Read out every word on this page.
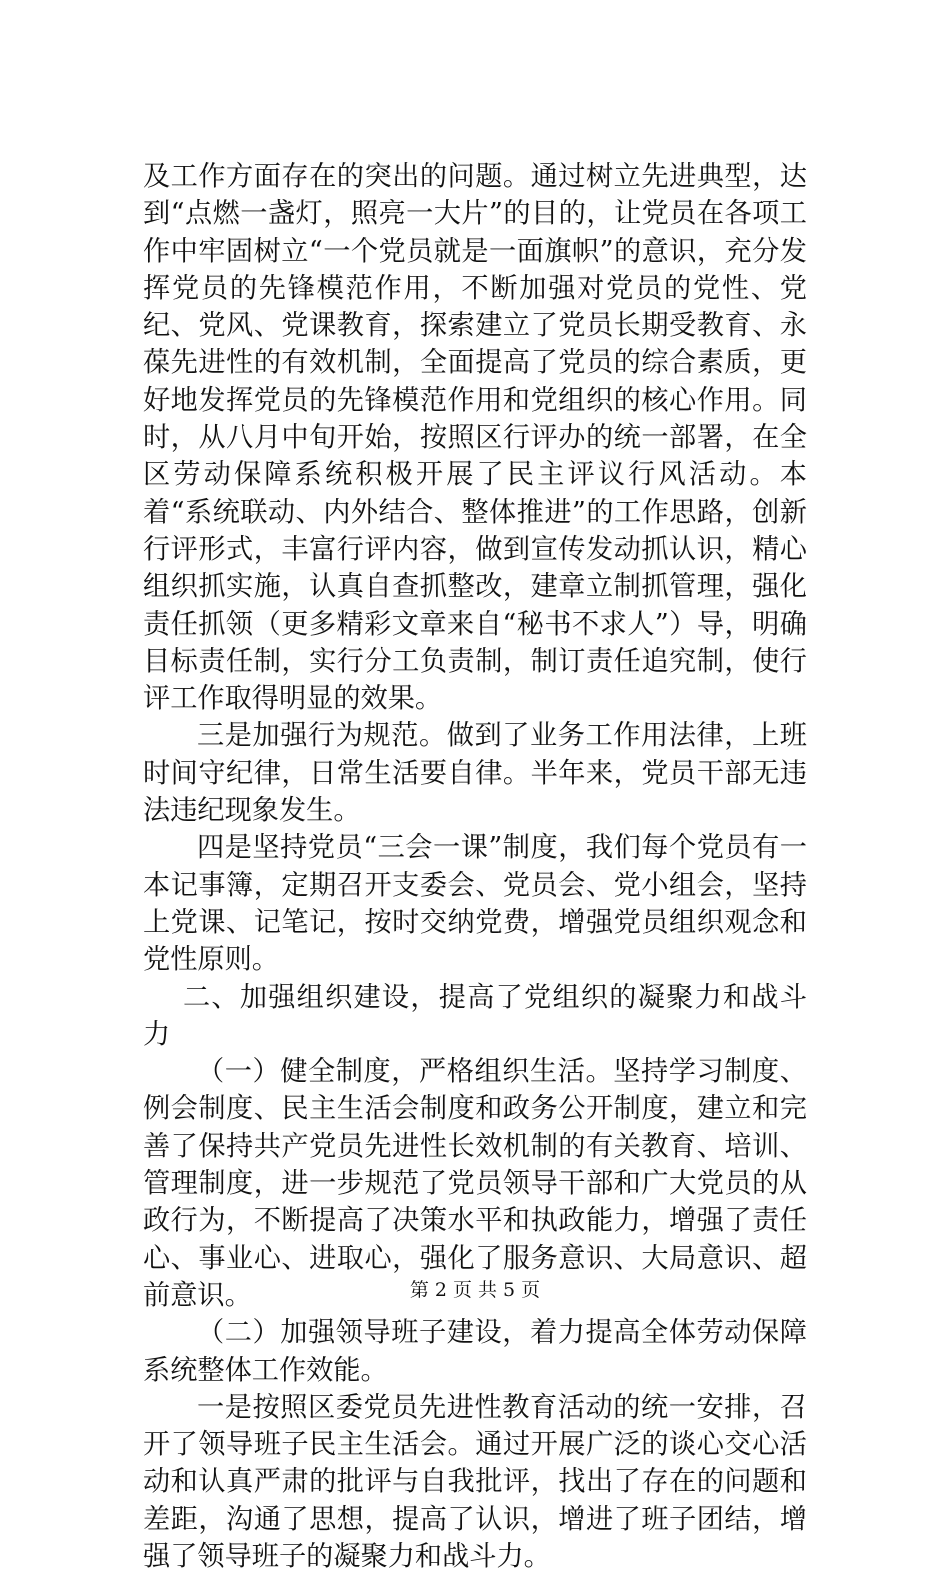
及工作方面存在的突出的问题。通过树立先进典型，达到“点燃一盏灯，照亮一大片”的目的，让党员在各项工作中牢固树立“一个党员就是一面旗帜”的意识，充分发挥党员的先锋模范作用，不断加强对党员的党性、党纪、党风、党课教育，探索建立了党员长期受教育、永葆先进性的有效机制，全面提高了党员的综合素质，更好地发挥党员的先锋模范作用和党组织的核心作用。同时，从八月中旬开始，按照区行评办的统一部署，在全区劳动保障系统积极开展了民主评议行风活动。本着“系统联动、内外结合、整体推进”的工作思路，创新行评形式，丰富行评内容，做到宣传发动抓认识，精心组织抓实施，认真自查抓整改，建章立制抓管理，强化责任抓领（更多精彩文章来自“秘书不求人”）导，明确目标责任制，实行分工负责制，制订责任追究制，使行评工作取得明显的效果。

三是加强行为规范。做到了业务工作用法律，上班时间守纪律，日常生活要自律。半年来，党员干部无违法违纪现象发生。

四是坚持党员“三会一课”制度，我们每个党员有一本记事簿，定期召开支委会、党员会、党小组会，坚持上党课、记笔记，按时交纳党费，增强党员组织观念和党性原则。

二、加强组织建设，提高了党组织的凝聚力和战斗力

（一）健全制度，严格组织生活。坚持学习制度、例会制度、民主生活会制度和政务公开制度，建立和完善了保持共产党员先进性长效机制的有关教育、培训、管理制度，进一步规范了党员领导干部和广大党员的从政行为，不断提高了决策水平和执政能力，增强了责任心、事业心、进取心，强化了服务意识、大局意识、超前意识。

（二）加强领导班子建设，着力提高全体劳动保障系统整体工作效能。

一是按照区委党员先进性教育活动的统一安排，召开了领导班子民主生活会。通过开展广泛的谈心交心活动和认真严肃的批评与自我批评，找出了存在的问题和差距，沟通了思想，提高了认识，增进了班子团结，增强了领导班子的凝聚力和战斗力。

第 2 页 共 5 页
